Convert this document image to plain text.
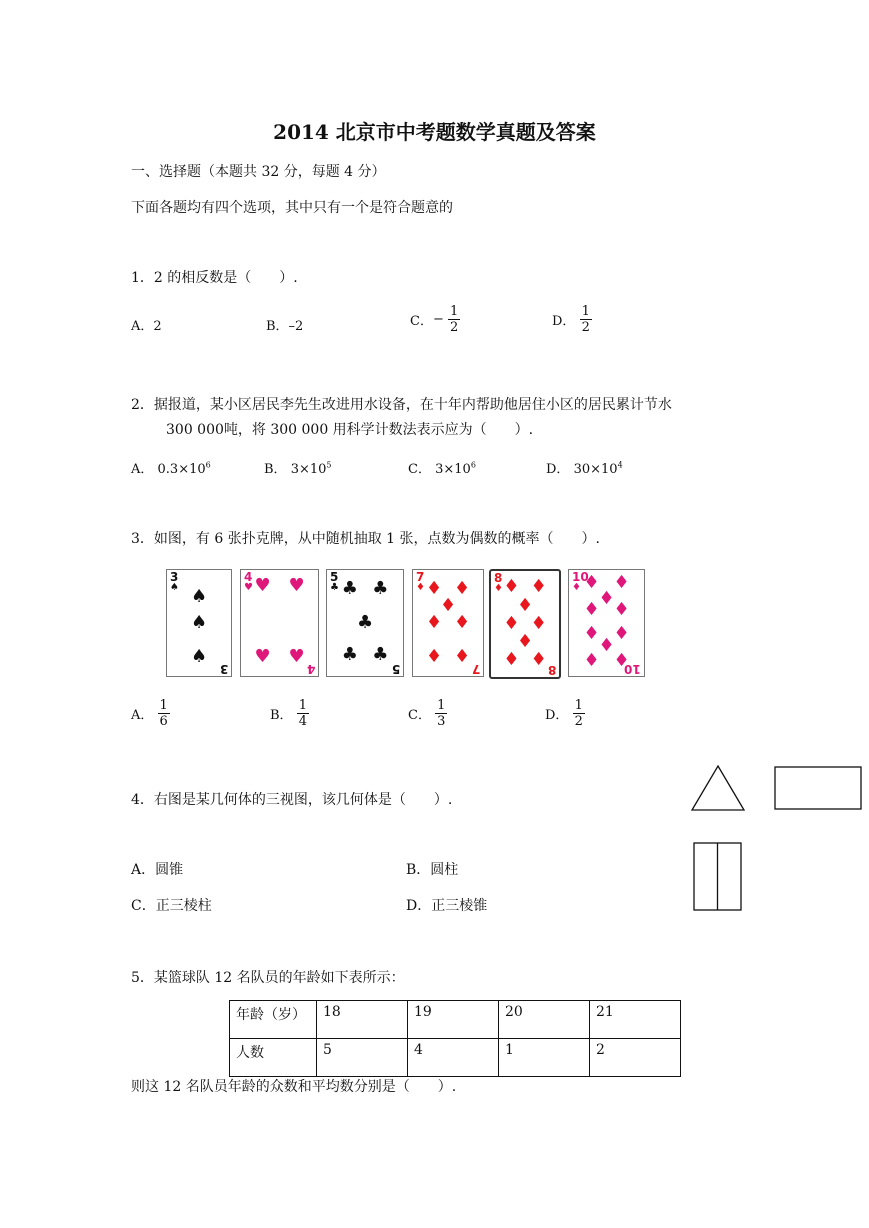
2014 北京市中考题数学真题及答案
一、选择题（本题共 32 分，每题 4 分）
下面各题均有四个选项，其中只有一个是符合题意的
1．2 的相反数是（　　）.
A．2	B．–2	C．− $\frac{1}{2}$	D． $\frac{1}{2}$
2．据报道，某小区居民李先生改进用水设备，在十年内帮助他居住小区的居民累计节水
300 000吨，将 300 000 用科学计数法表示应为（　　）.
A． $0.3\times 10^6$	B． $3\times 10^5$	C． $3\times 10^6$	D． $30\times 10^4$
3．如图，有 6 张扑克牌，从中随机抽取 1 张，点数为偶数的概率（　　）.
3
♠
3
♠
♠
♠
4
♥
4
♥ ♥
♥ ♥
5
♣
5
♣ ♣
♣
♣ ♣
7
♦
7
♦ ♦
♦
♦ ♦
♦ ♦
8
♦
8
♦ ♦
♦
♦ ♦
♦
♦ ♦
10
♦
10
♦ ♦
♦
♦ ♦
♦ ♦
♦
♦ ♦
A． $\frac{1}{6}$	B． $\frac{1}{4}$	C． $\frac{1}{3}$	D． $\frac{1}{2}$
4．右图是某几何体的三视图，该几何体是（　　）.
A．圆锥	B．圆柱
C．正三棱柱	D．正三棱锥
5．某篮球队 12 名队员的年龄如下表所示：
年龄（岁）	18	19	20	21
人数	5	4	1	2
则这 12 名队员年龄的众数和平均数分别是（　　）.
